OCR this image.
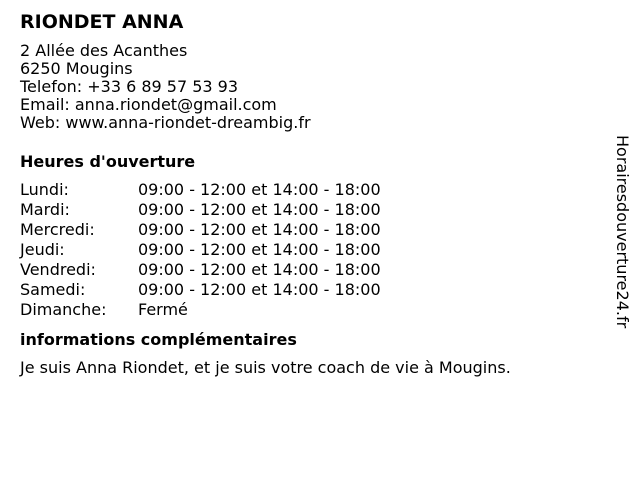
RIONDET ANNA
2 Allée des Acanthes
6250 Mougins
Telefon: +33 6 89 57 53 93
Email: anna.riondet@gmail.com
Web: www.anna-riondet-dreambig.fr
Heures d'ouverture
Lundi:	09:00 - 12:00 et 14:00 - 18:00
Mardi:	09:00 - 12:00 et 14:00 - 18:00
Mercredi:	09:00 - 12:00 et 14:00 - 18:00
Jeudi:	09:00 - 12:00 et 14:00 - 18:00
Vendredi:	09:00 - 12:00 et 14:00 - 18:00
Samedi:	09:00 - 12:00 et 14:00 - 18:00
Dimanche:	Fermé
informations complémentaires
Je suis Anna Riondet, et je suis votre coach de vie à Mougins.
Horairesdouverture24.fr
